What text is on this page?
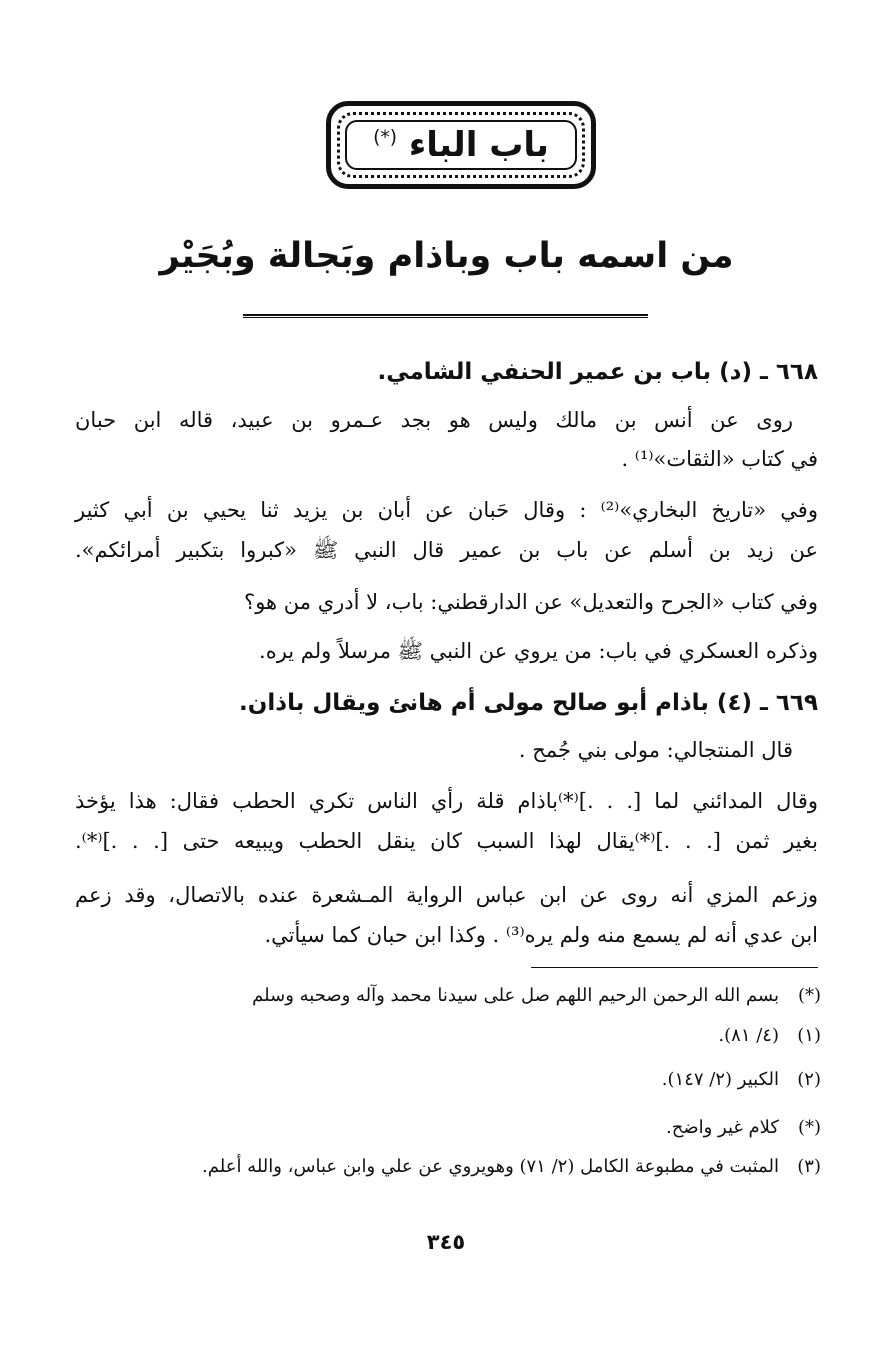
باب الباء (*)
من اسمه باب وباذام وبَجالة وبُجَيْر
٦٦٨ ـ (د) باب بن عمير الحنفي الشامي.
روى عن أنس بن مالك وليس هو بجد عـمرو بن عبيد، قاله ابن حبان
في كتاب «الثقات»⁽¹⁾ .
وفي «تاريخ البخاري»⁽²⁾ : وقال حَبان عن أبان بن يزيد ثنا يحيي بن أبي كثير
عن زيد بن أسلم عن باب بن عمير قال النبي ﷺ «كبروا بتكبير أمرائكم».
وفي كتاب «الجرح والتعديل» عن الدارقطني: باب، لا أدري من هو؟
وذكره العسكري في باب: من يروي عن النبي ﷺ مرسلاً ولم يره.
٦٦٩ ـ (٤) باذام أبو صالح مولى أم هانئ ويقال باذان.
قال المنتجالي: مولى بني جُمح .
وقال المدائني لما [. . .]⁽*⁾باذام قلة رأي الناس تكري الحطب فقال: هذا يؤخذ
بغير ثمن [. . .]⁽*⁾يقال لهذا السبب كان ينقل الحطب ويبيعه حتى [. . .]⁽*⁾.
وزعم المزي أنه روى عن ابن عباس الرواية المـشعرة عنده بالاتصال، وقد زعم
ابن عدي أنه لم يسمع منه ولم يره⁽³⁾ . وكذا ابن حبان كما سيأتي.
(*)بسم الله الرحمن الرحيم اللهم صل على سيدنا محمد وآله وصحبه وسلم
(١)(٤/ ٨١).
(٢)الكبير (٢/ ١٤٧).
(*)كلام غير واضح.
(٣)المثبت في مطبوعة الكامل (٢/ ٧١) وهويروي عن علي وابن عباس، والله أعلم.
٣٤٥
